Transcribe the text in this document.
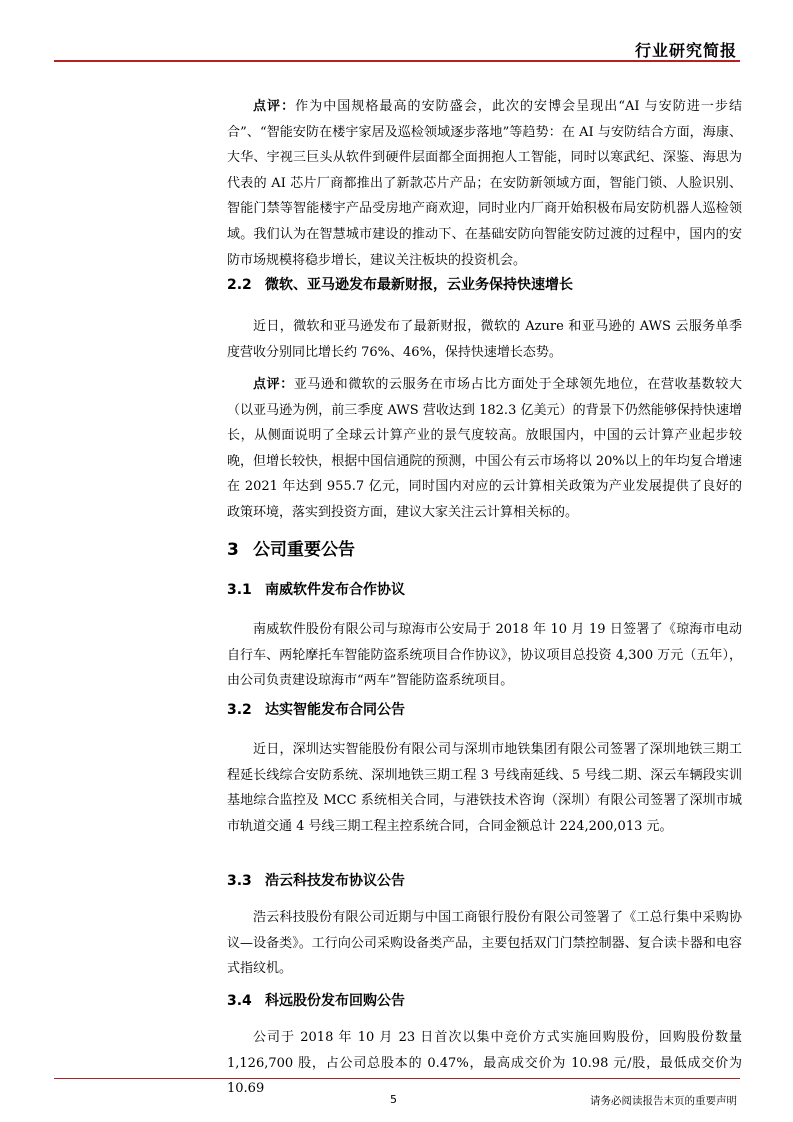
行业研究简报

点评：作为中国规格最高的安防盛会，此次的安博会呈现出“AI 与安防进一步结合”、“智能安防在楼宇家居及巡检领域逐步落地”等趋势：在 AI 与安防结合方面，海康、大华、宇视三巨头从软件到硬件层面都全面拥抱人工智能，同时以寒武纪、深鉴、海思为代表的 AI 芯片厂商都推出了新款芯片产品；在安防新领域方面，智能门锁、人脸识别、智能门禁等智能楼宇产品受房地产商欢迎，同时业内厂商开始积极布局安防机器人巡检领域。我们认为在智慧城市建设的推动下、在基础安防向智能安防过渡的过程中，国内的安防市场规模将稳步增长，建议关注板块的投资机会。

2.2 微软、亚马逊发布最新财报，云业务保持快速增长

近日，微软和亚马逊发布了最新财报，微软的 Azure 和亚马逊的 AWS 云服务单季度营收分别同比增长约 76%、46%，保持快速增长态势。

点评：亚马逊和微软的云服务在市场占比方面处于全球领先地位，在营收基数较大（以亚马逊为例，前三季度 AWS 营收达到 182.3 亿美元）的背景下仍然能够保持快速增长，从侧面说明了全球云计算产业的景气度较高。放眼国内，中国的云计算产业起步较晚，但增长较快，根据中国信通院的预测，中国公有云市场将以 20%以上的年均复合增速在 2021 年达到 955.7 亿元，同时国内对应的云计算相关政策为产业发展提供了良好的政策环境，落实到投资方面，建议大家关注云计算相关标的。

3 公司重要公告
3.1 南威软件发布合作协议

南威软件股份有限公司与琼海市公安局于 2018 年 10 月 19 日签署了《琼海市电动自行车、两轮摩托车智能防盗系统项目合作协议》，协议项目总投资 4,300 万元（五年），由公司负责建设琼海市“两车”智能防盗系统项目。

3.2 达实智能发布合同公告

近日，深圳达实智能股份有限公司与深圳市地铁集团有限公司签署了深圳地铁三期工程延长线综合安防系统、深圳地铁三期工程 3 号线南延线、5 号线二期、深云车辆段实训基地综合监控及 MCC 系统相关合同，与港铁技术咨询（深圳）有限公司签署了深圳市城市轨道交通 4 号线三期工程主控系统合同，合同金额总计 224,200,013 元。

3.3 浩云科技发布协议公告

浩云科技股份有限公司近期与中国工商银行股份有限公司签署了《工总行集中采购协议—设备类》。工行向公司采购设备类产品，主要包括双门门禁控制器、复合读卡器和电容式指纹机。

3.4 科远股份发布回购公告

公司于 2018 年 10 月 23 日首次以集中竞价方式实施回购股份，回购股份数量 1,126,700 股，占公司总股本的 0.47%，最高成交价为 10.98 元/股，最低成交价为 10.69

5	请务必阅读报告末页的重要声明
